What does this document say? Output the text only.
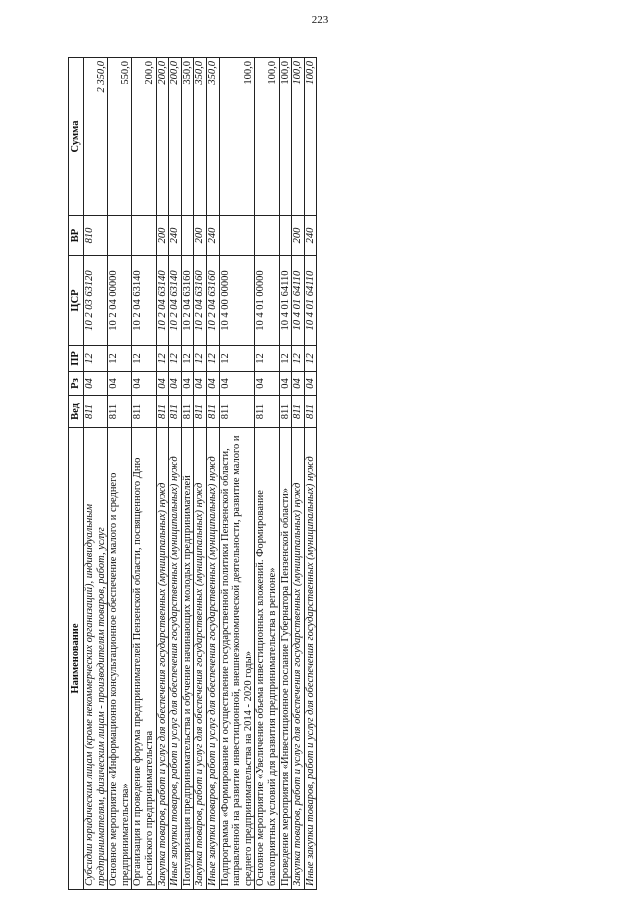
223
Наименование	Вед	Рз	ПР	ЦСР	ВР	Сумма
Субсидии юридическим лицам (кроме некоммерческих организаций), индивидуальным предпринимателям, физическим лицам - производителям товаров, работ, услуг	811	04	12	10 2 03 63120	810	2 350,0
Основное мероприятие «Информационно консультационное обеспечение малого и среднего предпринимательства»	811	04	12	10 2 04 00000		550,0
Организация и проведение форума предпринимателей Пензенской области, посвященного Дню российского предпринимательства	811	04	12	10 2 04 63140		200,0
Закупка товаров, работ и услуг для обеспечения государственных (муниципальных) нужд	811	04	12	10 2 04 63140	200	200,0
Иные закупки товаров, работ и услуг для обеспечения государственных (муниципальных) нужд	811	04	12	10 2 04 63140	240	200,0
Популяризация предпринимательства и обучение начинающих молодых предпринимателей	811	04	12	10 2 04 63160		350,0
Закупка товаров, работ и услуг для обеспечения государственных (муниципальных) нужд	811	04	12	10 2 04 63160	200	350,0
Иные закупки товаров, работ и услуг для обеспечения государственных (муниципальных) нужд	811	04	12	10 2 04 63160	240	350,0
Подпрограмма «Формирование и осуществление государственной политики Пензенской области, направленной на развитие инвестиционной, внешнеэкономической деятельности, развитие малого и среднего предпринимательства на 2014 - 2020 годы»	811	04	12	10 4 00 00000		100,0
Основное мероприятие «Увеличение объема инвестиционных вложений. Формирование благоприятных условий для развития предпринимательства в регионе»	811	04	12	10 4 01 00000		100,0
Проведение мероприятия «Инвестиционное послание Губернатора Пензенской области»	811	04	12	10 4 01 64110		100,0
Закупка товаров, работ и услуг для обеспечения государственных (муниципальных) нужд	811	04	12	10 4 01 64110	200	100,0
Иные закупки товаров, работ и услуг для обеспечения государственных (муниципальных) нужд	811	04	12	10 4 01 64110	240	100,0
